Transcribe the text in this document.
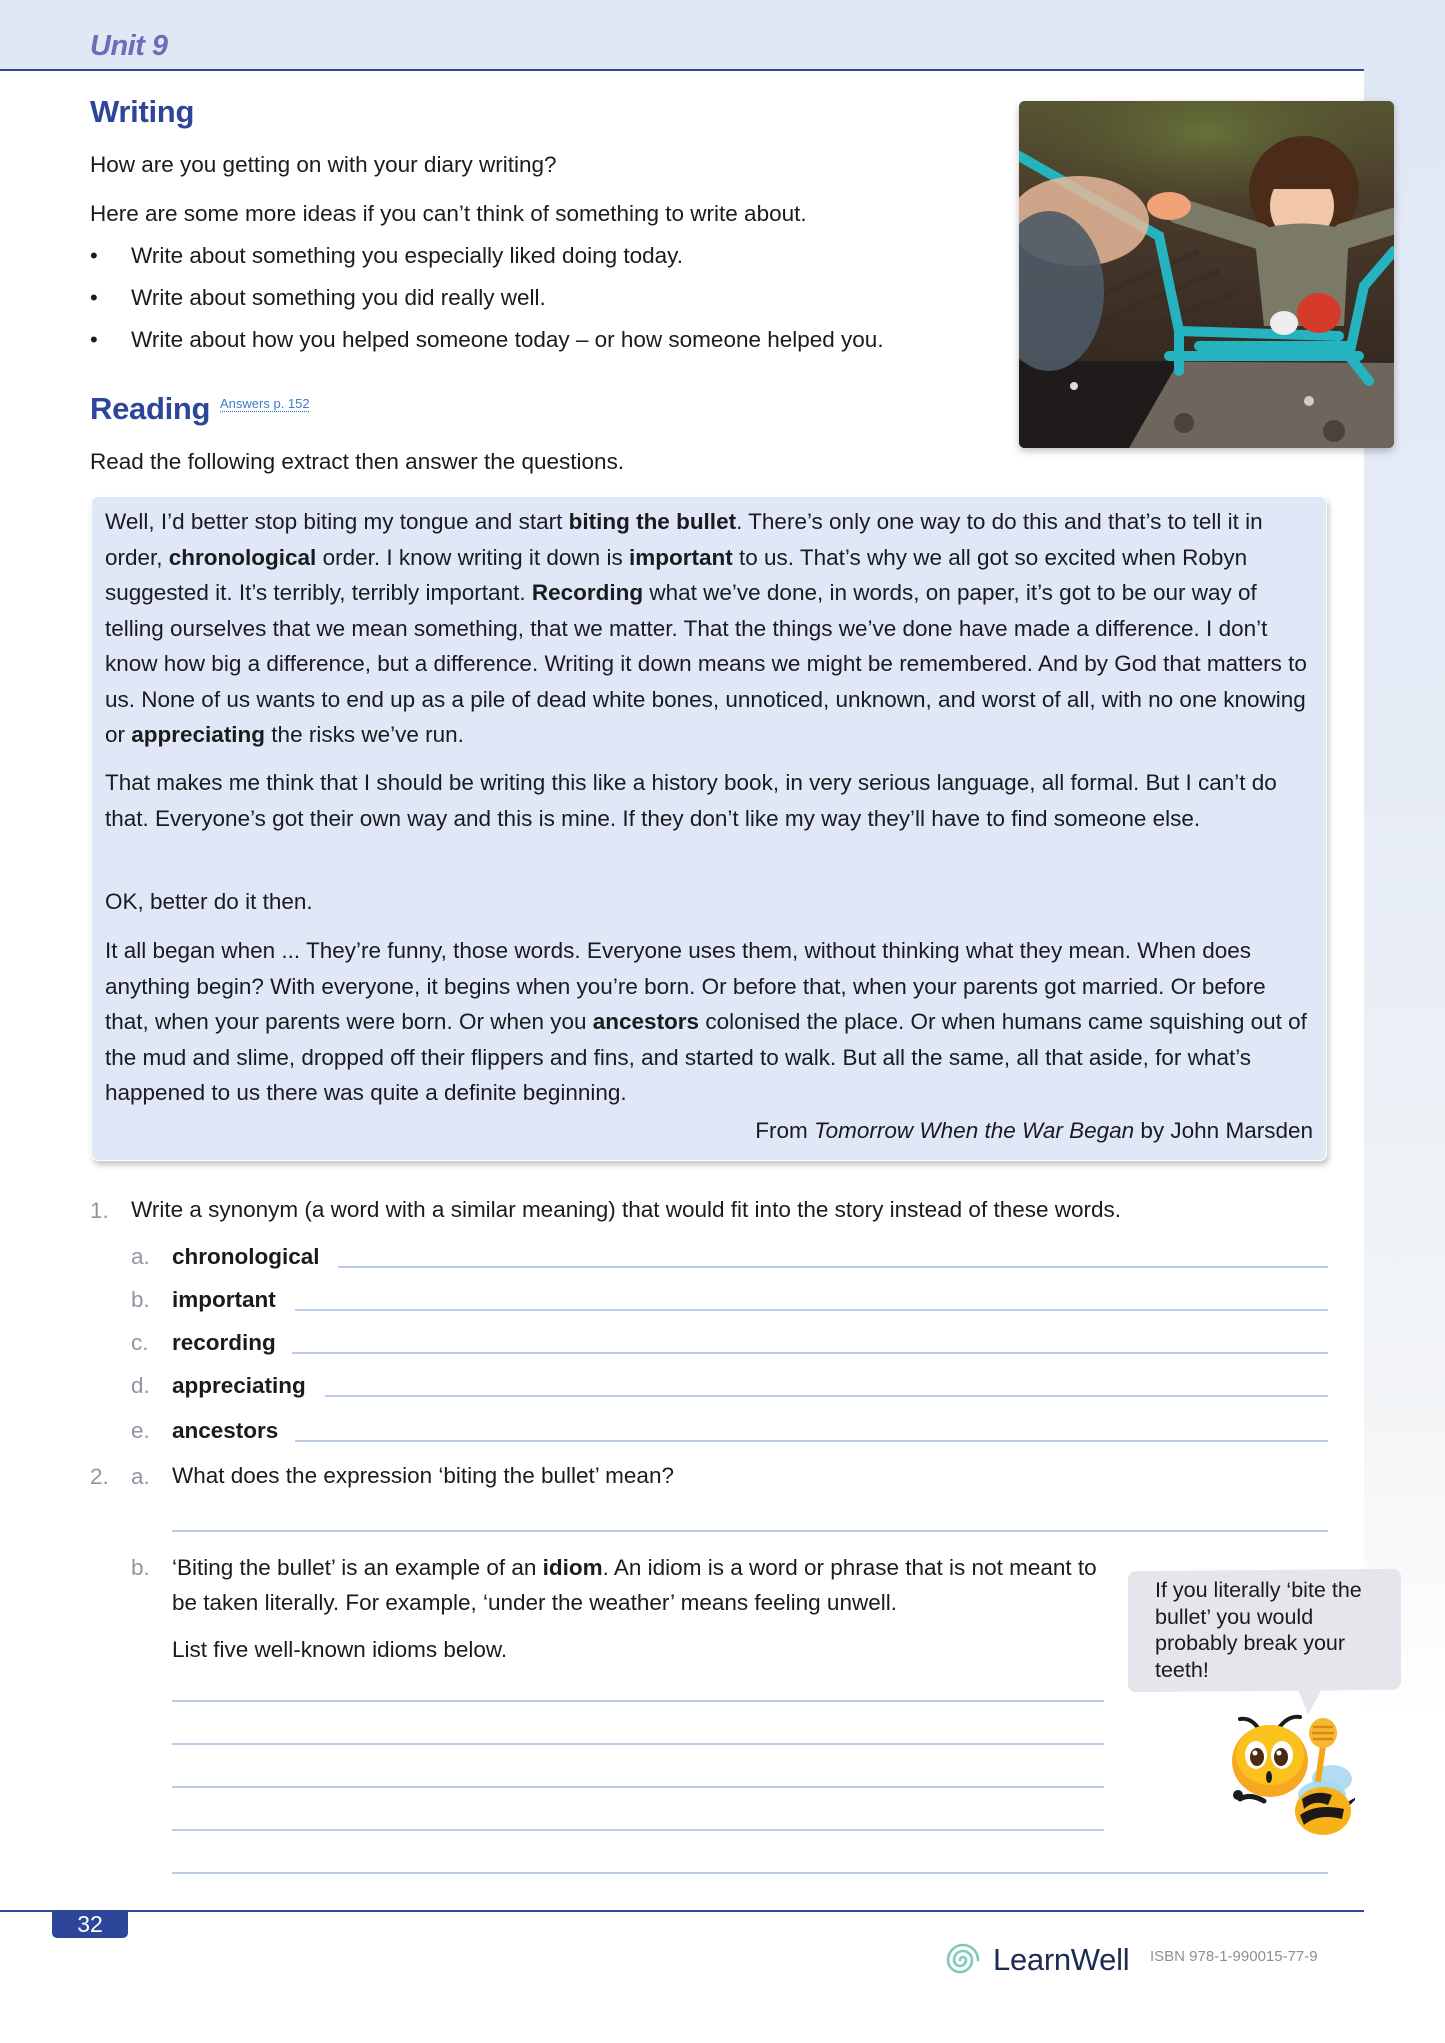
Unit 9
Writing
How are you getting on with your diary writing?
Here are some more ideas if you can’t think of something to write about.
•	Write about something you especially liked doing today.
•	Write about something you did really well.
•	Write about how you helped someone today – or how someone helped you.
Reading Answers p. 152
Read the following extract then answer the questions.
Well, I’d better stop biting my tongue and start biting the bullet. There’s only one way to do this and that’s to tell it in order, chronological order. I know writing it down is important to us. That’s why we all got so excited when Robyn suggested it. It’s terribly, terribly important. Recording what we’ve done, in words, on paper, it’s got to be our way of telling ourselves that we mean something, that we matter. That the things we’ve done have made a difference. I don’t know how big a difference, but a difference. Writing it down means we might be remembered. And by God that matters to us. None of us wants to end up as a pile of dead white bones, unnoticed, unknown, and worst of all, with no one knowing or appreciating the risks we’ve run.
That makes me think that I should be writing this like a history book, in very serious language, all formal. But I can’t do that. Everyone’s got their own way and this is mine. If they don’t like my way they’ll have to find someone else.
OK, better do it then.
It all began when ... They’re funny, those words. Everyone uses them, without thinking what they mean. When does anything begin? With everyone, it begins when you’re born. Or before that, when your parents got married. Or before that, when your parents were born. Or when you ancestors colonised the place. Or when humans came squishing out of the mud and slime, dropped off their flippers and fins, and started to walk. But all the same, all that aside, for what’s happened to us there was quite a definite beginning.
From Tomorrow When the War Began by John Marsden
1. Write a synonym (a word with a similar meaning) that would fit into the story instead of these words.
a. chronological
b. important
c. recording
d. appreciating
e. ancestors
2. a. What does the expression ‘biting the bullet’ mean?
b. ‘Biting the bullet’ is an example of an idiom. An idiom is a word or phrase that is not meant to be taken literally. For example, ‘under the weather’ means feeling unwell.
List five well-known idioms below.
If you literally ‘bite the bullet’ you would probably break your teeth!
32
LearnWell ISBN 978-1-990015-77-9
